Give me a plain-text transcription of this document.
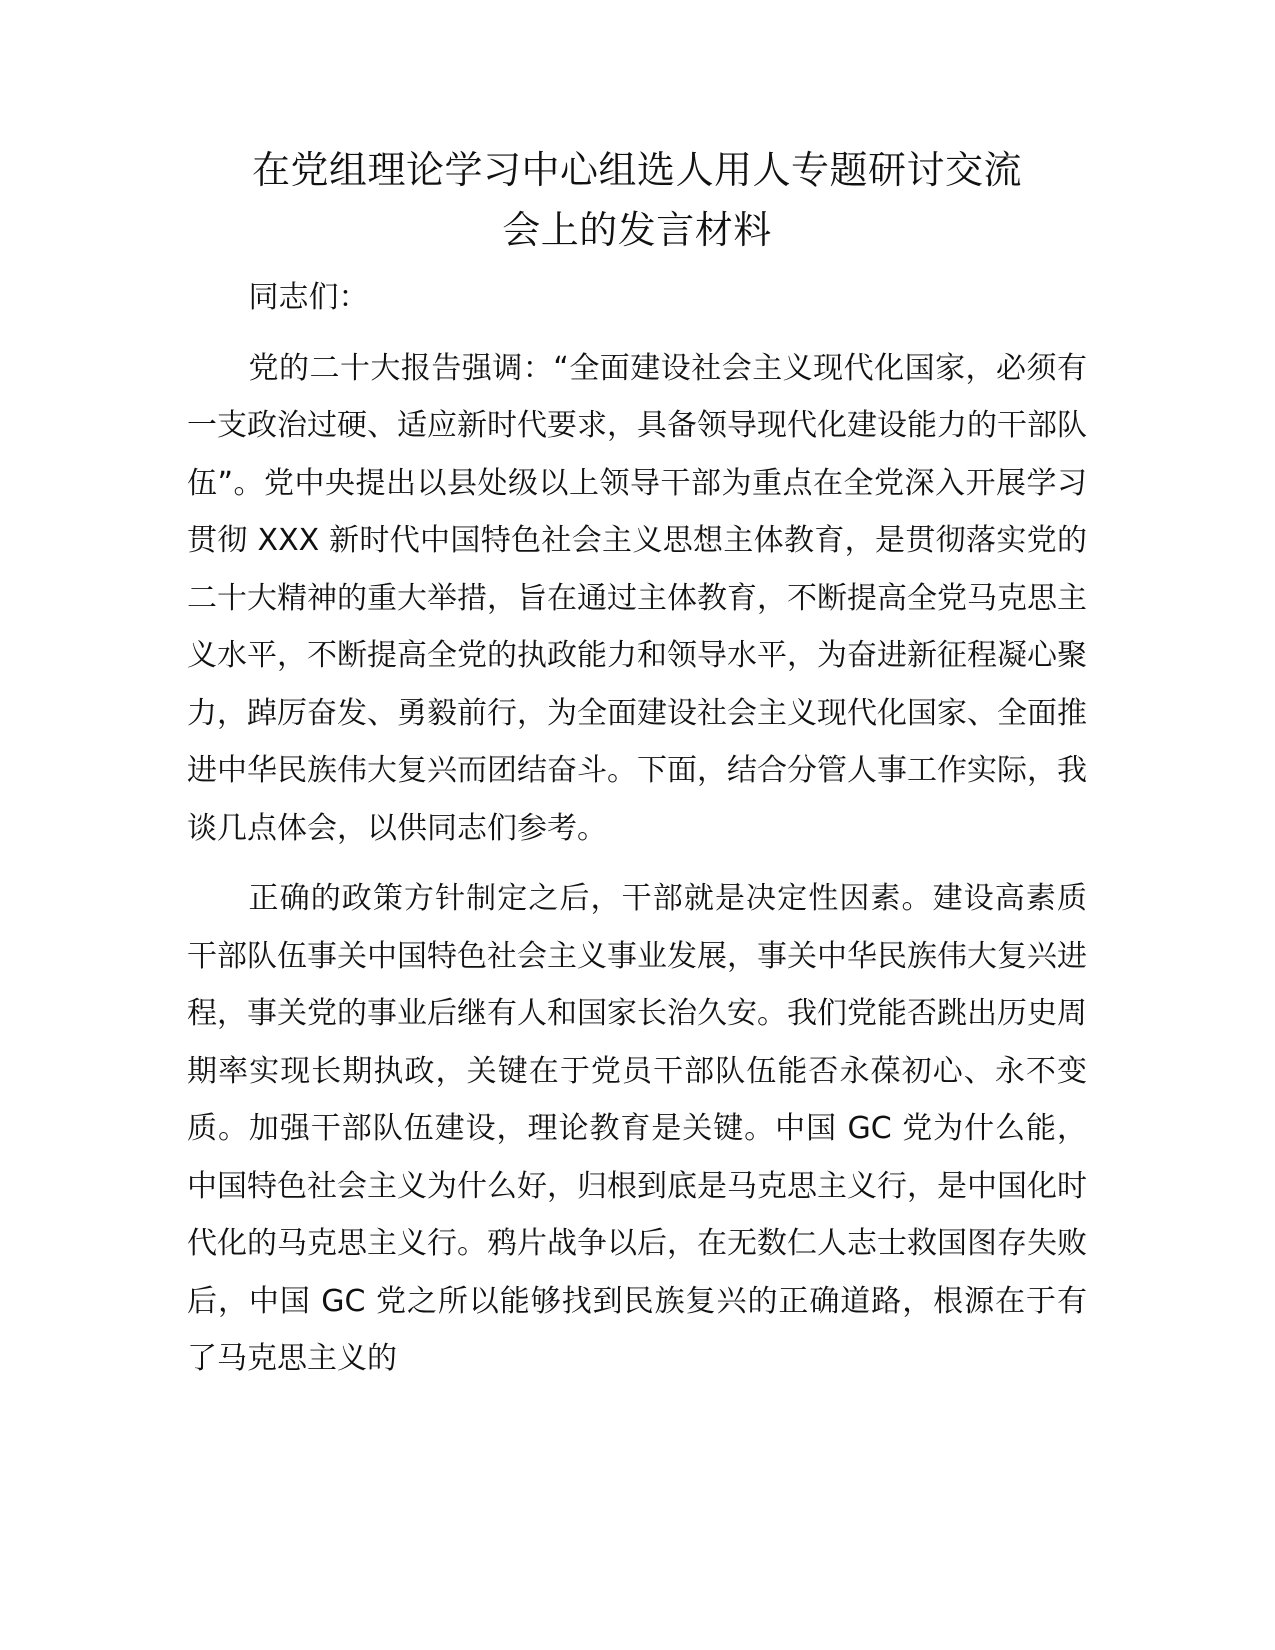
在党组理论学习中心组选人用人专题研讨交流
会上的发言材料

同志们：

党的二十大报告强调：“全面建设社会主义现代化国家，必须有一支政治过硬、适应新时代要求，具备领导现代化建设能力的干部队伍”。党中央提出以县处级以上领导干部为重点在全党深入开展学习贯彻 XXX 新时代中国特色社会主义思想主体教育，是贯彻落实党的二十大精神的重大举措，旨在通过主体教育，不断提高全党马克思主义水平，不断提高全党的执政能力和领导水平，为奋进新征程凝心聚力，踔厉奋发、勇毅前行，为全面建设社会主义现代化国家、全面推进中华民族伟大复兴而团结奋斗。下面，结合分管人事工作实际，我谈几点体会，以供同志们参考。

正确的政策方针制定之后，干部就是决定性因素。建设高素质干部队伍事关中国特色社会主义事业发展，事关中华民族伟大复兴进程，事关党的事业后继有人和国家长治久安。我们党能否跳出历史周期率实现长期执政，关键在于党员干部队伍能否永葆初心、永不变质。加强干部队伍建设，理论教育是关键。中国 GC 党为什么能，中国特色社会主义为什么好，归根到底是马克思主义行，是中国化时代化的马克思主义行。鸦片战争以后，在无数仁人志士救国图存失败后，中国 GC 党之所以能够找到民族复兴的正确道路，根源在于有了马克思主义的
